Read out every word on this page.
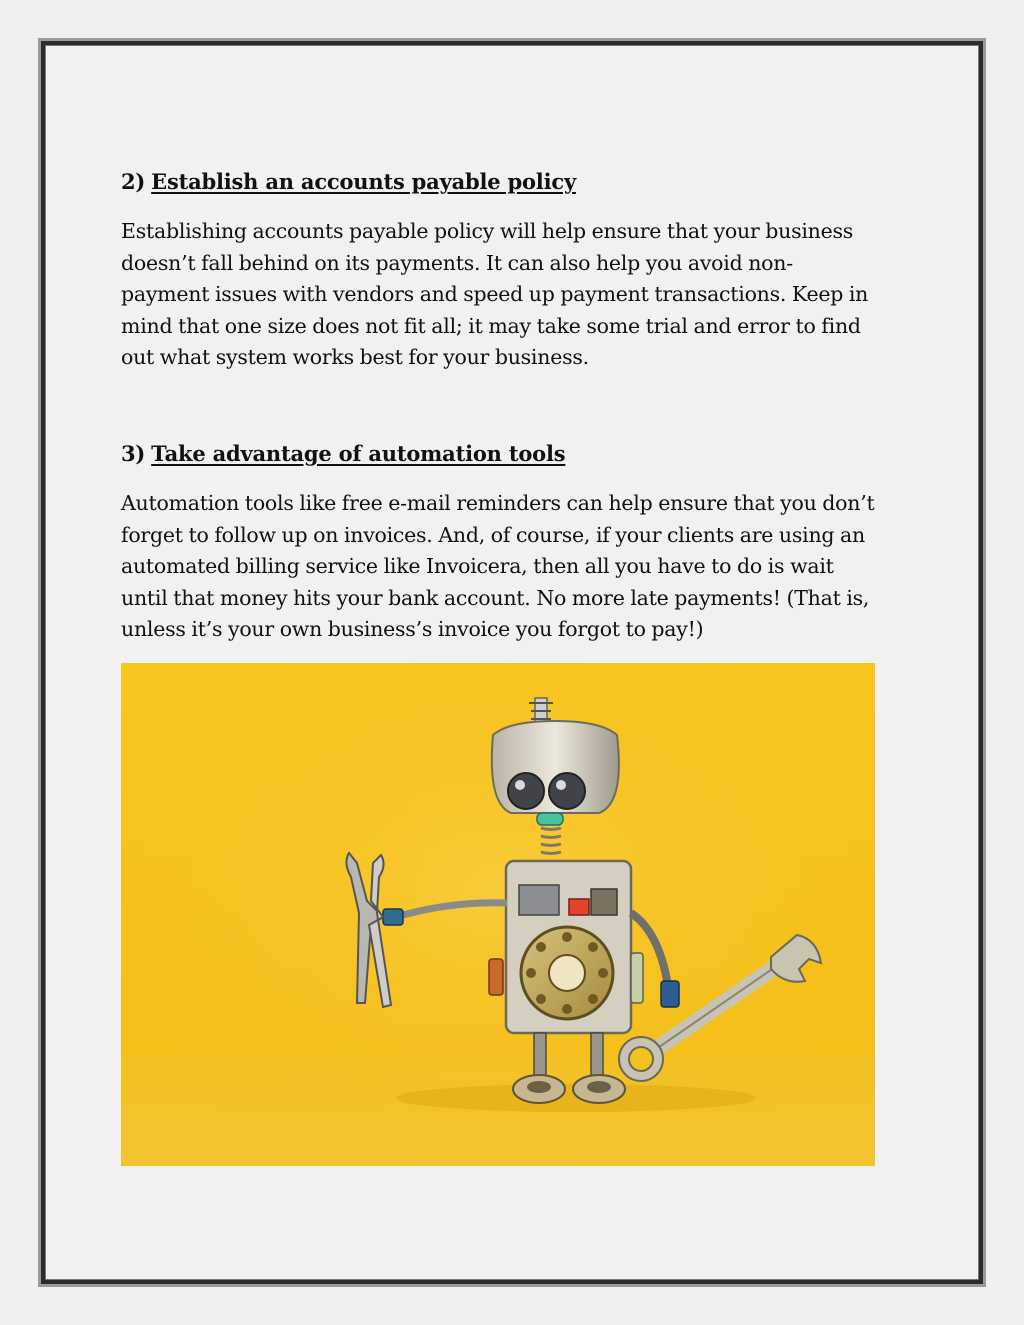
2) Establish an accounts payable policy

Establishing accounts payable policy will help ensure that your business doesn’t fall behind on its payments. It can also help you avoid non-payment issues with vendors and speed up payment transactions. Keep in mind that one size does not fit all; it may take some trial and error to find out what system works best for your business.

3) Take advantage of automation tools

Automation tools like free e-mail reminders can help ensure that you don’t forget to follow up on invoices. And, of course, if your clients are using an automated billing service like Invoicera, then all you have to do is wait until that money hits your bank account. No more late payments! (That is, unless it’s your own business’s invoice you forgot to pay!)
